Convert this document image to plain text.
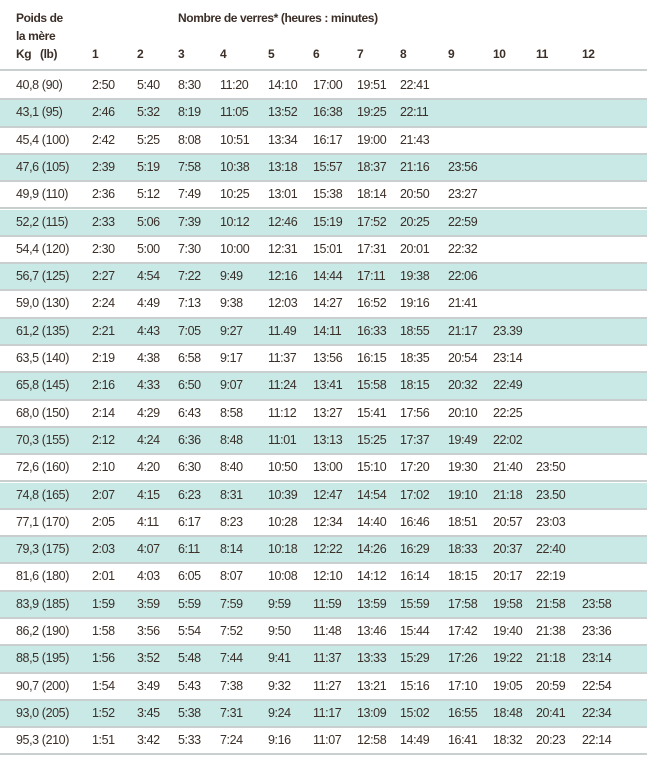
Poids de
la mère
Kg   (lb)
Nombre de verres* (heures : minutes)
1	2	3	4	5	6	7	8	9	10	11	12
40,8 (90) 2:50 5:40 8:30 11:20 14:10 17:00 19:51 22:41
43,1 (95) 2:46 5:32 8:19 11:05 13:52 16:38 19:25 22:11
45,4 (100) 2:42 5:25 8:08 10:51 13:34 16:17 19:00 21:43
47,6 (105) 2:39 5:19 7:58 10:38 13:18 15:57 18:37 21:16 23:56
49,9 (110) 2:36 5:12 7:49 10:25 13:01 15:38 18:14 20:50 23:27
52,2 (115) 2:33 5:06 7:39 10:12 12:46 15:19 17:52 20:25 22:59
54,4 (120) 2:30 5:00 7:30 10:00 12:31 15:01 17:31 20:01 22:32
56,7 (125) 2:27 4:54 7:22 9:49 12:16 14:44 17:11 19:38 22:06
59,0 (130) 2:24 4:49 7:13 9:38 12:03 14:27 16:52 19:16 21:41
61,2 (135) 2:21 4:43 7:05 9:27 11.49 14:11 16:33 18:55 21:17 23.39
63,5 (140) 2:19 4:38 6:58 9:17 11:37 13:56 16:15 18:35 20:54 23:14
65,8 (145) 2:16 4:33 6:50 9:07 11:24 13:41 15:58 18:15 20:32 22:49
68,0 (150) 2:14 4:29 6:43 8:58 11:12 13:27 15:41 17:56 20:10 22:25
70,3 (155) 2:12 4:24 6:36 8:48 11:01 13:13 15:25 17:37 19:49 22:02
72,6 (160) 2:10 4:20 6:30 8:40 10:50 13:00 15:10 17:20 19:30 21:40 23:50
74,8 (165) 2:07 4:15 6:23 8:31 10:39 12:47 14:54 17:02 19:10 21:18 23.50
77,1 (170) 2:05 4:11 6:17 8:23 10:28 12:34 14:40 16:46 18:51 20:57 23:03
79,3 (175) 2:03 4:07 6:11 8:14 10:18 12:22 14:26 16:29 18:33 20:37 22:40
81,6 (180) 2:01 4:03 6:05 8:07 10:08 12:10 14:12 16:14 18:15 20:17 22:19
83,9 (185) 1:59 3:59 5:59 7:59 9:59 11:59 13:59 15:59 17:58 19:58 21:58 23:58
86,2 (190) 1:58 3:56 5:54 7:52 9:50 11:48 13:46 15:44 17:42 19:40 21:38 23:36
88,5 (195) 1:56 3:52 5:48 7:44 9:41 11:37 13:33 15:29 17:26 19:22 21:18 23:14
90,7 (200) 1:54 3:49 5:43 7:38 9:32 11:27 13:21 15:16 17:10 19:05 20:59 22:54
93,0 (205) 1:52 3:45 5:38 7:31 9:24 11:17 13:09 15:02 16:55 18:48 20:41 22:34
95,3 (210) 1:51 3:42 5:33 7:24 9:16 11:07 12:58 14:49 16:41 18:32 20:23 22:14
